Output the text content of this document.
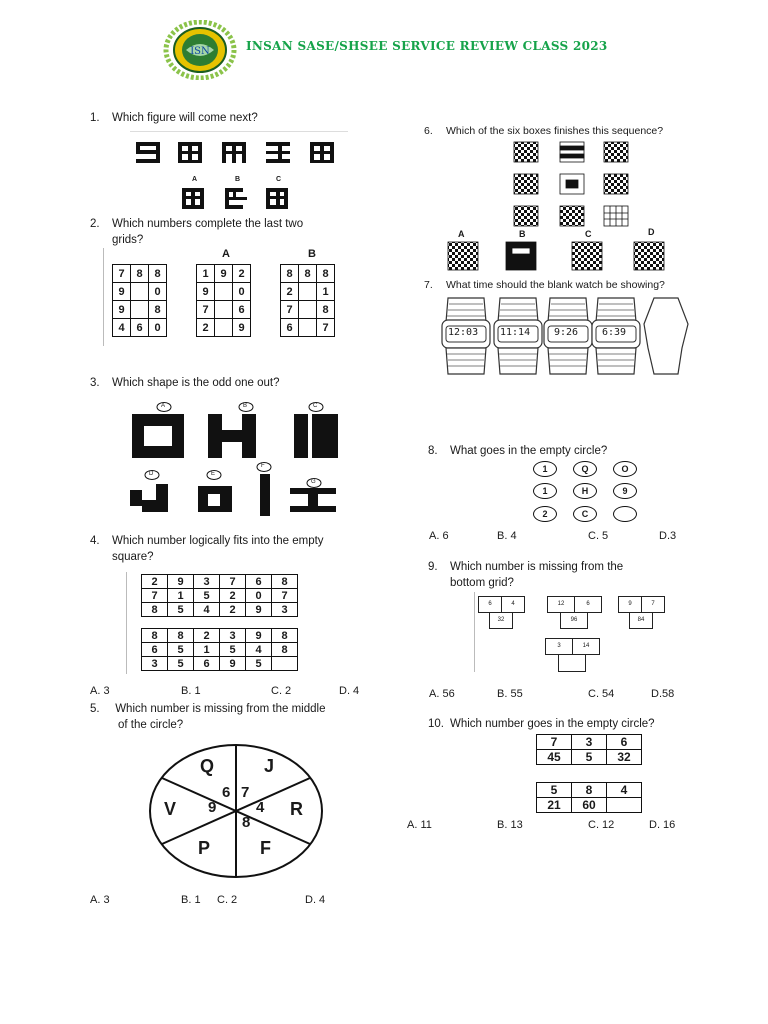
ISN	INSAN SASE/SHSEE SERVICE REVIEW CLASS 2023
1. Which figure will come next?
A	B	C
2. Which numbers complete the last two
grids?
A	B
7	8	8
9		0
9		8
4	6	0
1	9	2
9		0
7		6
2		9
8	8	8
2		1
7		8
6		7
3. Which shape is the odd one out?
A	B	C
D	E
F
G
4. Which number logically fits into the empty
square?
2	9	3	7	6	8
7	1	5	2	0	7
8	5	4	2	9	3
8	8	2	3	9	8
6	5	1	5	4	8
3	5	6	9	5	
A. 3	B. 1	C. 2	D. 4
5. Which number is missing from the middle
of the circle?
Q	J
R
F
P
V
6 7
4
8
9
A. 3	B. 1 C. 2	D. 4
6. Which of the six boxes finishes this sequence?
A	B	C	D
7. What time should the blank watch be showing?
12:03 11:14 9:26 6:39
8. What goes in the empty circle?
1	Q	O
1	H	9
2	C
A. 6	B. 4	C. 5	D.3
9. Which number is missing from the
bottom grid?
6	4
32
12	6
96
9	7
84
3	14
A. 56	B. 55	C. 54	D.58
10. Which number goes in the empty circle?
7	3	6
45	5	32
5	8	4
21	60	
A. 11	B. 13	C. 12	D. 16
